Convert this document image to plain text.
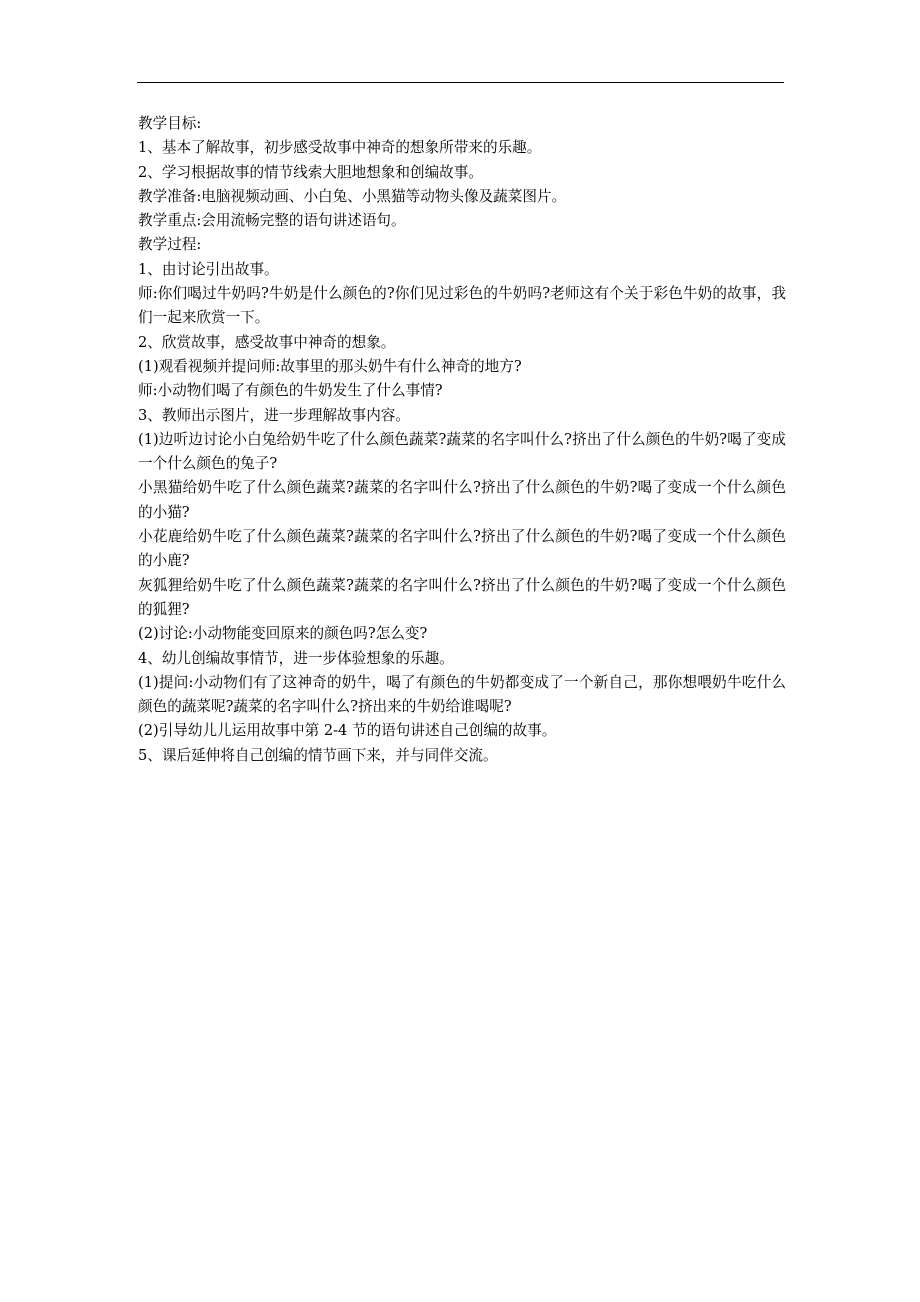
教学目标:

1、基本了解故事，初步感受故事中神奇的想象所带来的乐趣。

2、学习根据故事的情节线索大胆地想象和创编故事。

教学准备:电脑视频动画、小白兔、小黑猫等动物头像及蔬菜图片。

教学重点:会用流畅完整的语句讲述语句。

教学过程:

1、由讨论引出故事。

师:你们喝过牛奶吗?牛奶是什么颜色的?你们见过彩色的牛奶吗?老师这有个关于彩色牛奶的故事，我们一起来欣赏一下。

2、欣赏故事，感受故事中神奇的想象。

(1)观看视频并提问师:故事里的那头奶牛有什么神奇的地方?

师:小动物们喝了有颜色的牛奶发生了什么事情?

3、教师出示图片，进一步理解故事内容。

(1)边听边讨论小白兔给奶牛吃了什么颜色蔬菜?蔬菜的名字叫什么?挤出了什么颜色的牛奶?喝了变成一个什么颜色的兔子?

小黑猫给奶牛吃了什么颜色蔬菜?蔬菜的名字叫什么?挤出了什么颜色的牛奶?喝了变成一个什么颜色的小猫?

小花鹿给奶牛吃了什么颜色蔬菜?蔬菜的名字叫什么?挤出了什么颜色的牛奶?喝了变成一个什么颜色的小鹿?

灰狐狸给奶牛吃了什么颜色蔬菜?蔬菜的名字叫什么?挤出了什么颜色的牛奶?喝了变成一个什么颜色的狐狸?

(2)讨论:小动物能变回原来的颜色吗?怎么变?

4、幼儿创编故事情节，进一步体验想象的乐趣。

(1)提问:小动物们有了这神奇的奶牛，喝了有颜色的牛奶都变成了一个新自己，那你想喂奶牛吃什么颜色的蔬菜呢?蔬菜的名字叫什么?挤出来的牛奶给谁喝呢?

(2)引导幼儿儿运用故事中第 2-4 节的语句讲述自己创编的故事。

5、课后延伸将自己创编的情节画下来，并与同伴交流。
